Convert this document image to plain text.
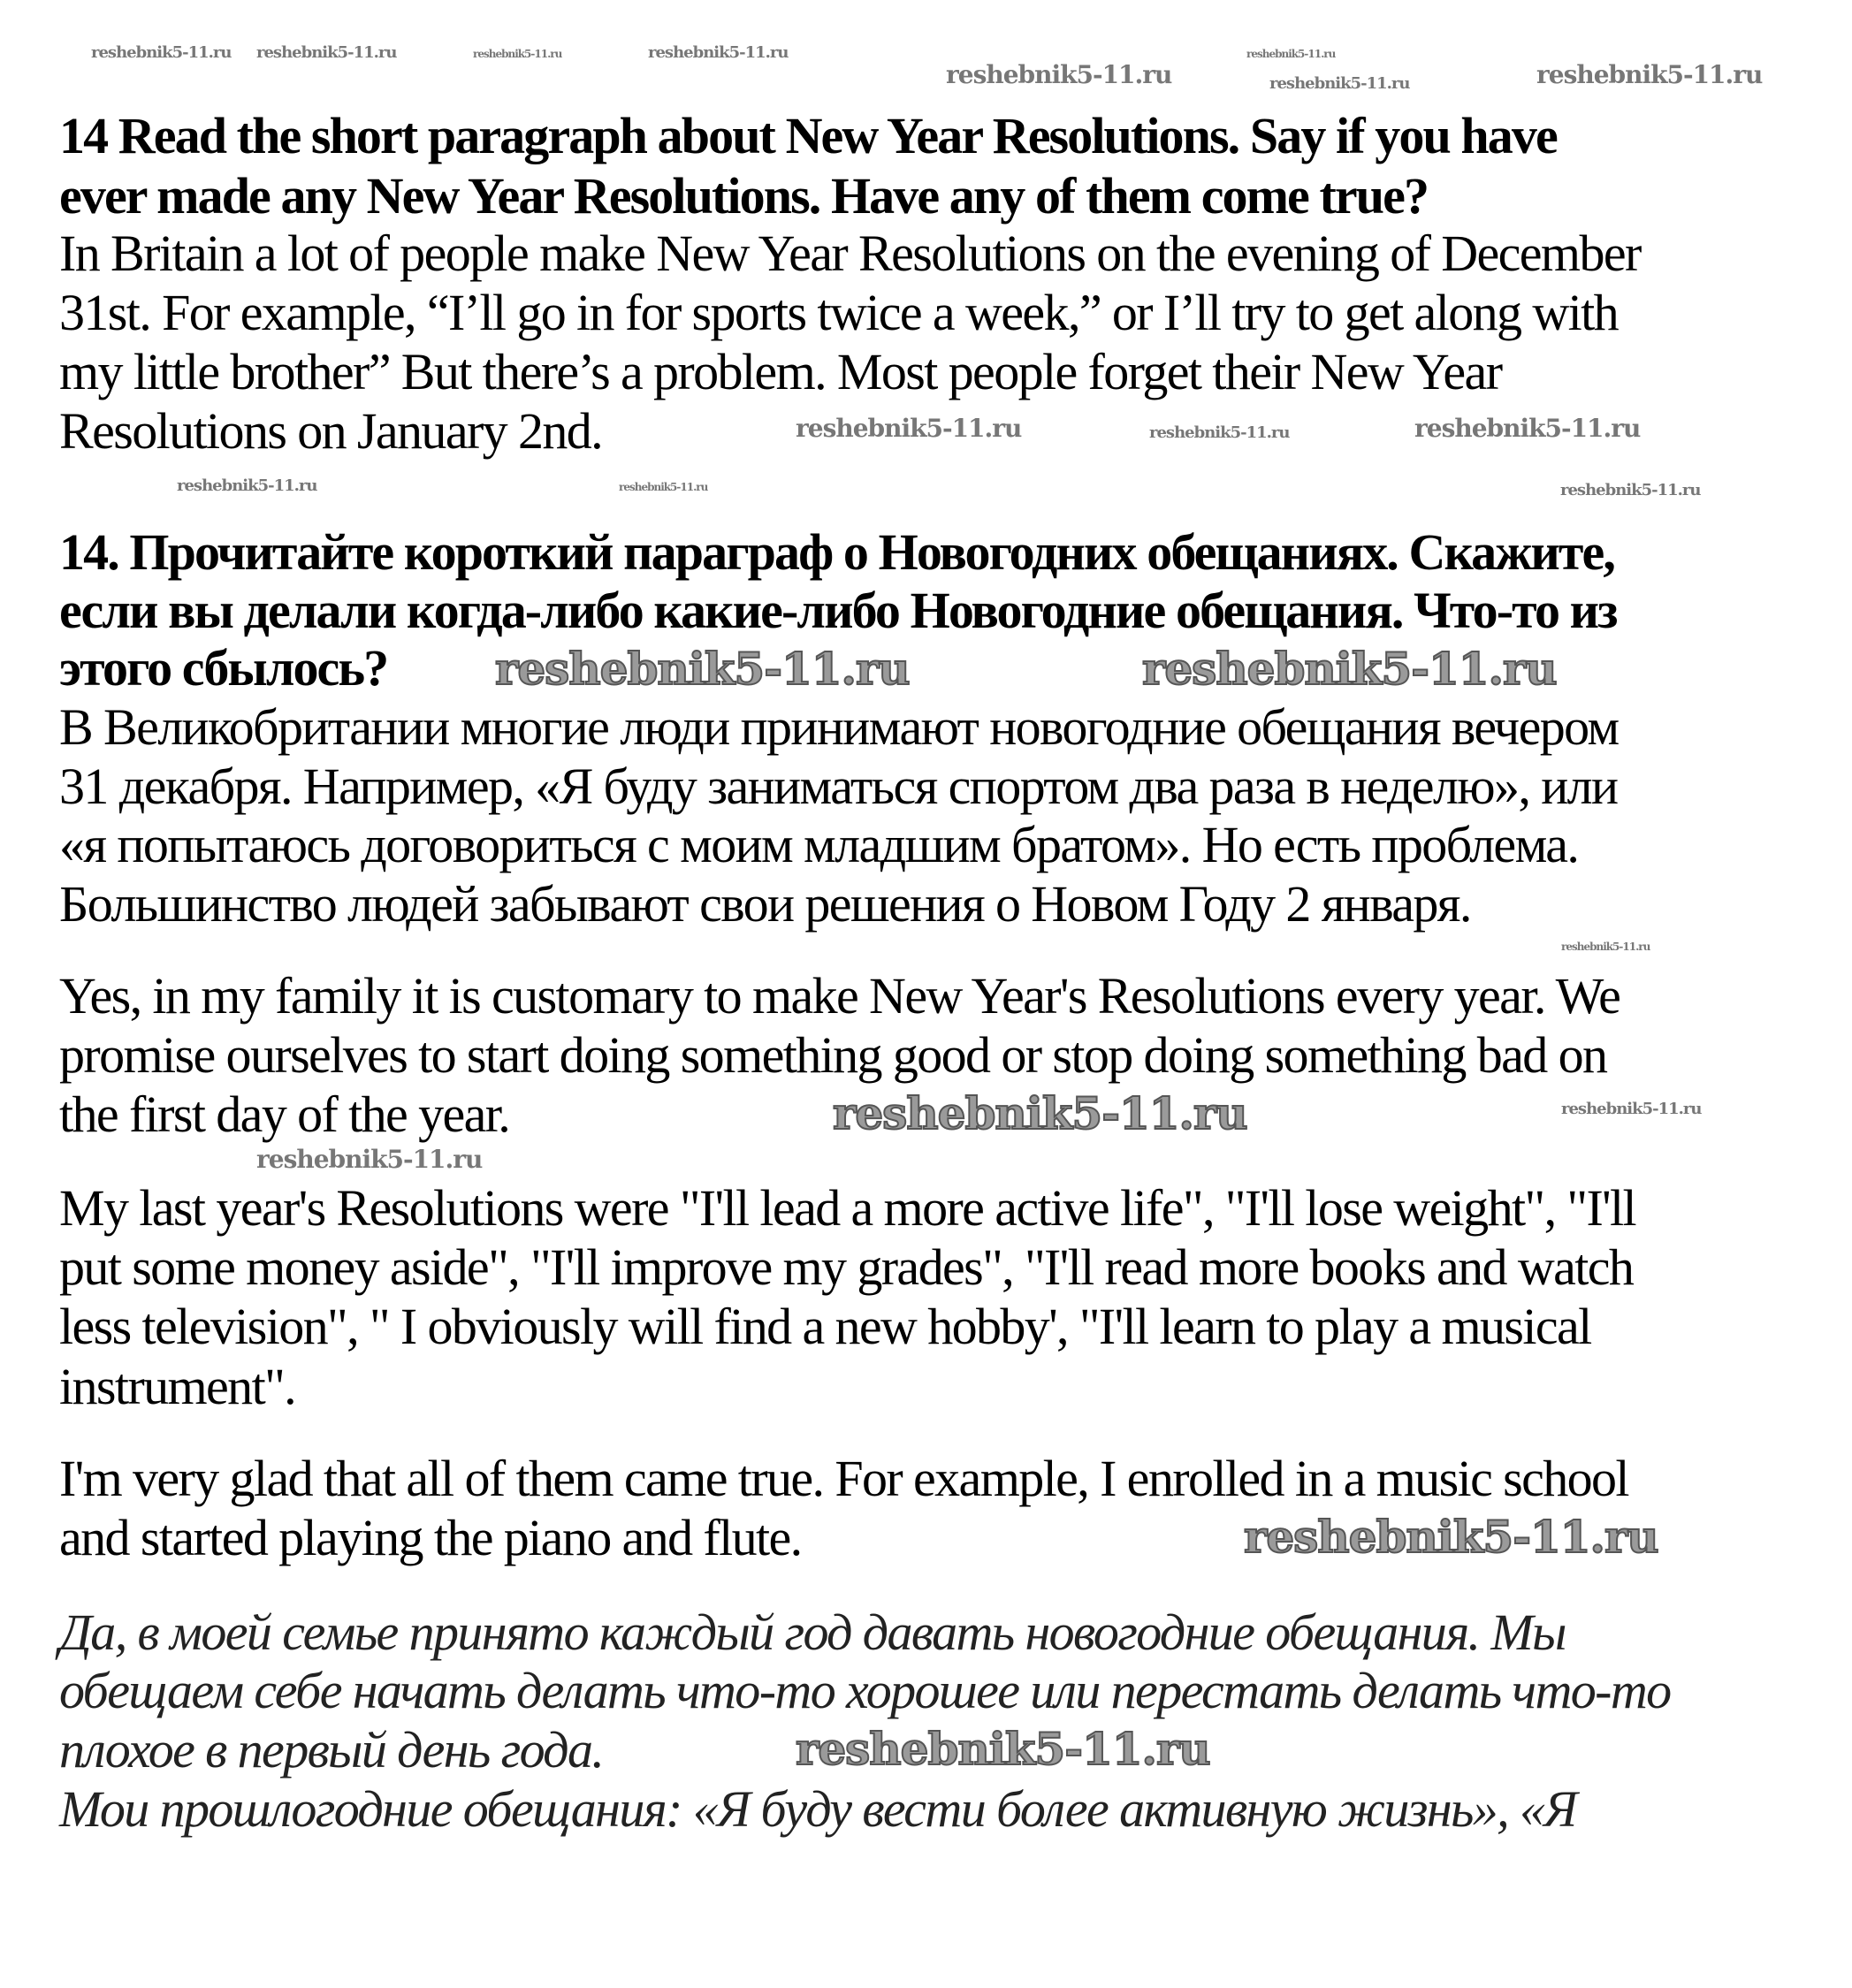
14 Read the short paragraph about New Year Resolutions. Say if you have
ever made any New Year Resolutions. Have any of them come true?
In Britain a lot of people make New Year Resolutions on the evening of December
31st. For example, “I’ll go in for sports twice a week,” or I’ll try to get along with
my little brother” But there’s a problem. Most people forget their New Year
Resolutions on January 2nd.
14. Прочитайте короткий параграф о Новогодних обещаниях. Скажите,
если вы делали когда-либо какие-либо Новогодние обещания. Что-то из
этого сбылось?
В Великобритании многие люди принимают новогодние обещания вечером
31 декабря. Например, «Я буду заниматься спортом два раза в неделю», или
«я попытаюсь договориться с моим младшим братом». Но есть проблема.
Большинство людей забывают свои решения о Новом Году 2 января.
Yes, in my family it is customary to make New Year's Resolutions every year. We
promise ourselves to start doing something good or stop doing something bad on
the first day of the year.
My last year's Resolutions were "I'll lead a more active life", "I'll lose weight", "I'll
put some money aside", "I'll improve my grades", "I'll read more books and watch
less television", " I obviously will find a new hobby', "I'll learn to play a musical
instrument".
I'm very glad that all of them came true. For example, I enrolled in a music school
and started playing the piano and flute.
Да, в моей семье принято каждый год давать новогодние обещания. Мы
обещаем себе начать делать что-то хорошее или перестать делать что-то
плохое в первый день года.
Мои прошлогодние обещания: «Я буду вести более активную жизнь», «Я
reshebnik5-11.ru reshebnik5-11.ru	reshebnik5-11.ru	reshebnik5-11.ru
reshebnik5-11.ru
reshebnik5-11.ru
reshebnik5-11.ru
reshebnik5-11.ru
reshebnik5-11.ru	reshebnik5-11.ru	reshebnik5-11.ru
reshebnik5-11.ru	reshebnik5-11.ru	reshebnik5-11.ru
reshebnik5-11.ru	reshebnik5-11.ru
reshebnik5-11.ru
reshebnik5-11.ru
reshebnik5-11.ru
reshebnik5-11.ru
reshebnik5-11.ru
reshebnik5-11.ru
